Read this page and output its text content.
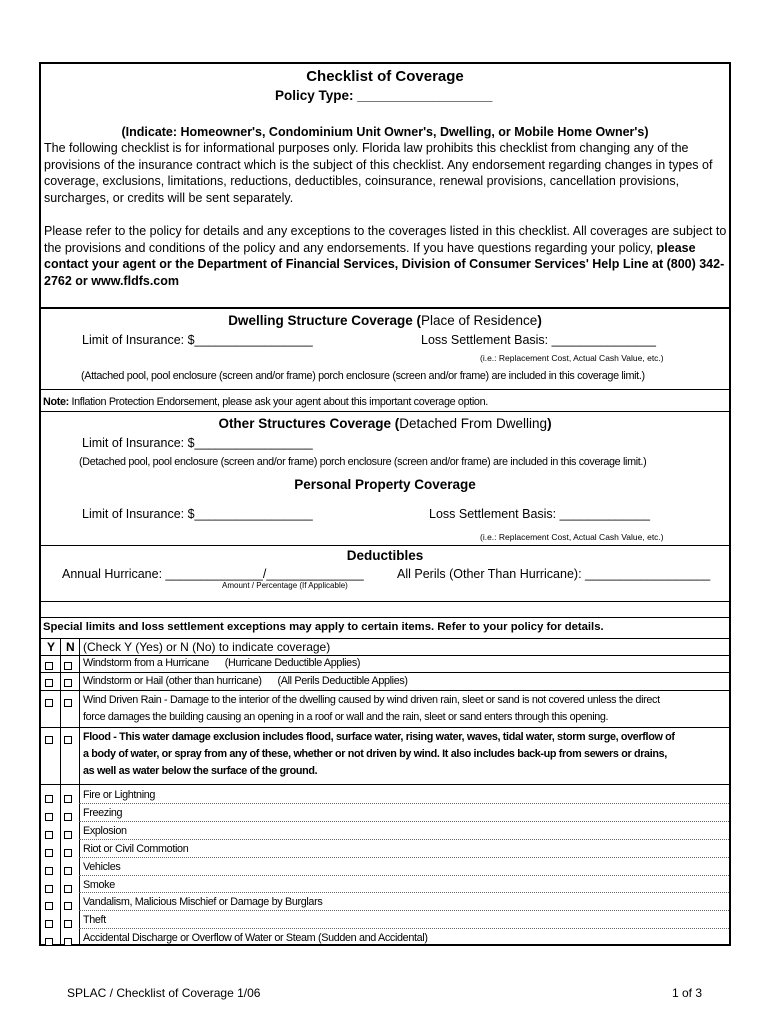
Checklist of Coverage
Policy Type: __________________
(Indicate: Homeowner's, Condominium Unit Owner's, Dwelling, or Mobile Home Owner's)
The following checklist is for informational purposes only. Florida law prohibits this checklist from changing any of the provisions of the insurance contract which is the subject of this checklist. Any endorsement regarding changes in types of coverage, exclusions, limitations, reductions, deductibles, coinsurance, renewal provisions, cancellation provisions, surcharges, or credits will be sent separately.
Please refer to the policy for details and any exceptions to the coverages listed in this checklist. All coverages are subject to the provisions and conditions of the policy and any endorsements. If you have questions regarding your policy, please contact your agent or the Department of Financial Services, Division of Consumer Services' Help Line at (800) 342-2762 or www.fldfs.com
Dwelling Structure Coverage (Place of Residence)
Limit of Insurance: $_________________	Loss Settlement Basis: _______________
(i.e.: Replacement Cost, Actual Cash Value, etc.)
(Attached pool, pool enclosure (screen and/or frame) porch enclosure (screen and/or frame) are included in this coverage limit.)
Note: Inflation Protection Endorsement, please ask your agent about this important coverage option.
Other Structures Coverage (Detached From Dwelling)
Limit of Insurance: $_________________
(Detached pool, pool enclosure (screen and/or frame) porch enclosure (screen and/or frame) are included in this coverage limit.)
Personal Property Coverage
Limit of Insurance: $_________________	Loss Settlement Basis: _____________
(i.e.: Replacement Cost, Actual Cash Value, etc.)
Deductibles
Annual Hurricane: ______________/______________
Amount / Percentage (If Applicable)
All Perils (Other Than Hurricane): __________________
Special limits and loss settlement exceptions may apply to certain items. Refer to your policy for details.
Y N (Check Y (Yes) or N (No) to indicate coverage)
Windstorm from a Hurricane      (Hurricane Deductible Applies)
Windstorm or Hail (other than hurricane)      (All Perils Deductible Applies)
Wind Driven Rain - Damage to the interior of the dwelling caused by wind driven rain, sleet or sand is not covered unless the direct
force damages the building causing an opening in a roof or wall and the rain, sleet or sand enters through this opening.
Flood - This water damage exclusion includes flood, surface water, rising water, waves, tidal water, storm surge, overflow of
a body of water, or spray from any of these, whether or not driven by wind. It also includes back-up from sewers or drains,
as well as water below the surface of the ground.
Fire or Lightning
Freezing
Explosion
Riot or Civil Commotion
Vehicles
Smoke
Vandalism, Malicious Mischief or Damage by Burglars
Theft
Accidental Discharge or Overflow of Water or Steam (Sudden and Accidental)
SPLAC / Checklist of Coverage 1/06	1 of 3
